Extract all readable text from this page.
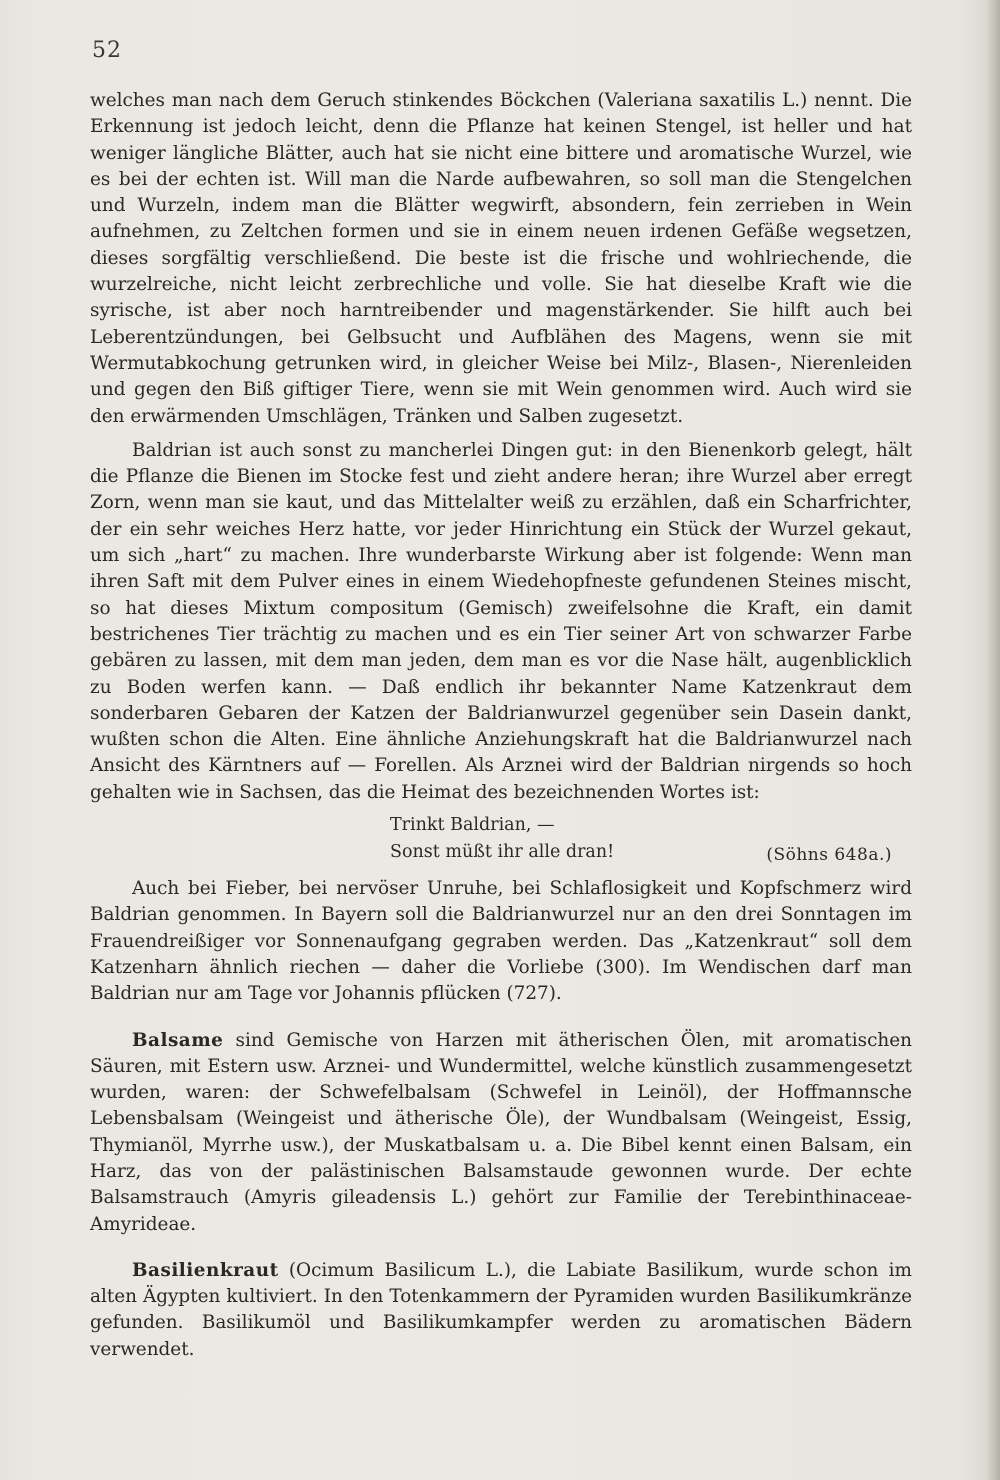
52

welches man nach dem Geruch stinkendes Böckchen (Valeriana saxatilis L.) nennt. Die Erkennung ist jedoch leicht, denn die Pflanze hat keinen Stengel, ist heller und hat weniger längliche Blätter, auch hat sie nicht eine bittere und aromatische Wurzel, wie es bei der echten ist. Will man die Narde aufbewahren, so soll man die Stengelchen und Wurzeln, indem man die Blätter wegwirft, absondern, fein zerrieben in Wein aufnehmen, zu Zeltchen formen und sie in einem neuen irdenen Gefäße wegsetzen, dieses sorgfältig verschließend. Die beste ist die frische und wohlriechende, die wurzelreiche, nicht leicht zerbrechliche und volle. Sie hat dieselbe Kraft wie die syrische, ist aber noch harntreibender und magenstärkender. Sie hilft auch bei Leberentzündungen, bei Gelbsucht und Aufblähen des Magens, wenn sie mit Wermutabkochung getrunken wird, in gleicher Weise bei Milz-, Blasen-, Nierenleiden und gegen den Biß giftiger Tiere, wenn sie mit Wein genommen wird. Auch wird sie den erwärmenden Umschlägen, Tränken und Salben zugesetzt.

Baldrian ist auch sonst zu mancherlei Dingen gut: in den Bienenkorb gelegt, hält die Pflanze die Bienen im Stocke fest und zieht andere heran; ihre Wurzel aber erregt Zorn, wenn man sie kaut, und das Mittelalter weiß zu erzählen, daß ein Scharfrichter, der ein sehr weiches Herz hatte, vor jeder Hinrichtung ein Stück der Wurzel gekaut, um sich „hart“ zu machen. Ihre wunderbarste Wirkung aber ist folgende: Wenn man ihren Saft mit dem Pulver eines in einem Wiedehopfneste gefundenen Steines mischt, so hat dieses Mixtum compositum (Gemisch) zweifelsohne die Kraft, ein damit bestrichenes Tier trächtig zu machen und es ein Tier seiner Art von schwarzer Farbe gebären zu lassen, mit dem man jeden, dem man es vor die Nase hält, augenblicklich zu Boden werfen kann. — Daß endlich ihr bekannter Name Katzenkraut dem sonderbaren Gebaren der Katzen der Baldrianwurzel gegenüber sein Dasein dankt, wußten schon die Alten. Eine ähnliche Anziehungskraft hat die Baldrianwurzel nach Ansicht des Kärntners auf — Forellen. Als Arznei wird der Baldrian nirgends so hoch gehalten wie in Sachsen, das die Heimat des bezeichnenden Wortes ist:

Trinkt Baldrian, —
Sonst müßt ihr alle dran!	(Söhns 648a.)

Auch bei Fieber, bei nervöser Unruhe, bei Schlaflosigkeit und Kopfschmerz wird Baldrian genommen. In Bayern soll die Baldrianwurzel nur an den drei Sonntagen im Frauendreißiger vor Sonnenaufgang gegraben werden. Das „Katzenkraut“ soll dem Katzenharn ähnlich riechen — daher die Vorliebe (300). Im Wendischen darf man Baldrian nur am Tage vor Johannis pflücken (727).

Balsame sind Gemische von Harzen mit ätherischen Ölen, mit aromatischen Säuren, mit Estern usw. Arznei- und Wundermittel, welche künstlich zusammengesetzt wurden, waren: der Schwefelbalsam (Schwefel in Leinöl), der Hoffmannsche Lebensbalsam (Weingeist und ätherische Öle), der Wundbalsam (Weingeist, Essig, Thymianöl, Myrrhe usw.), der Muskatbalsam u. a. Die Bibel kennt einen Balsam, ein Harz, das von der palästinischen Balsamstaude gewonnen wurde. Der echte Balsamstrauch (Amyris gileadensis L.) gehört zur Familie der Terebinthinaceae-Amyrideae.

Basilienkraut (Ocimum Basilicum L.), die Labiate Basilikum, wurde schon im alten Ägypten kultiviert. In den Totenkammern der Pyramiden wurden Basilikumkränze gefunden. Basilikumöl und Basilikumkampfer werden zu aromatischen Bädern verwendet.
